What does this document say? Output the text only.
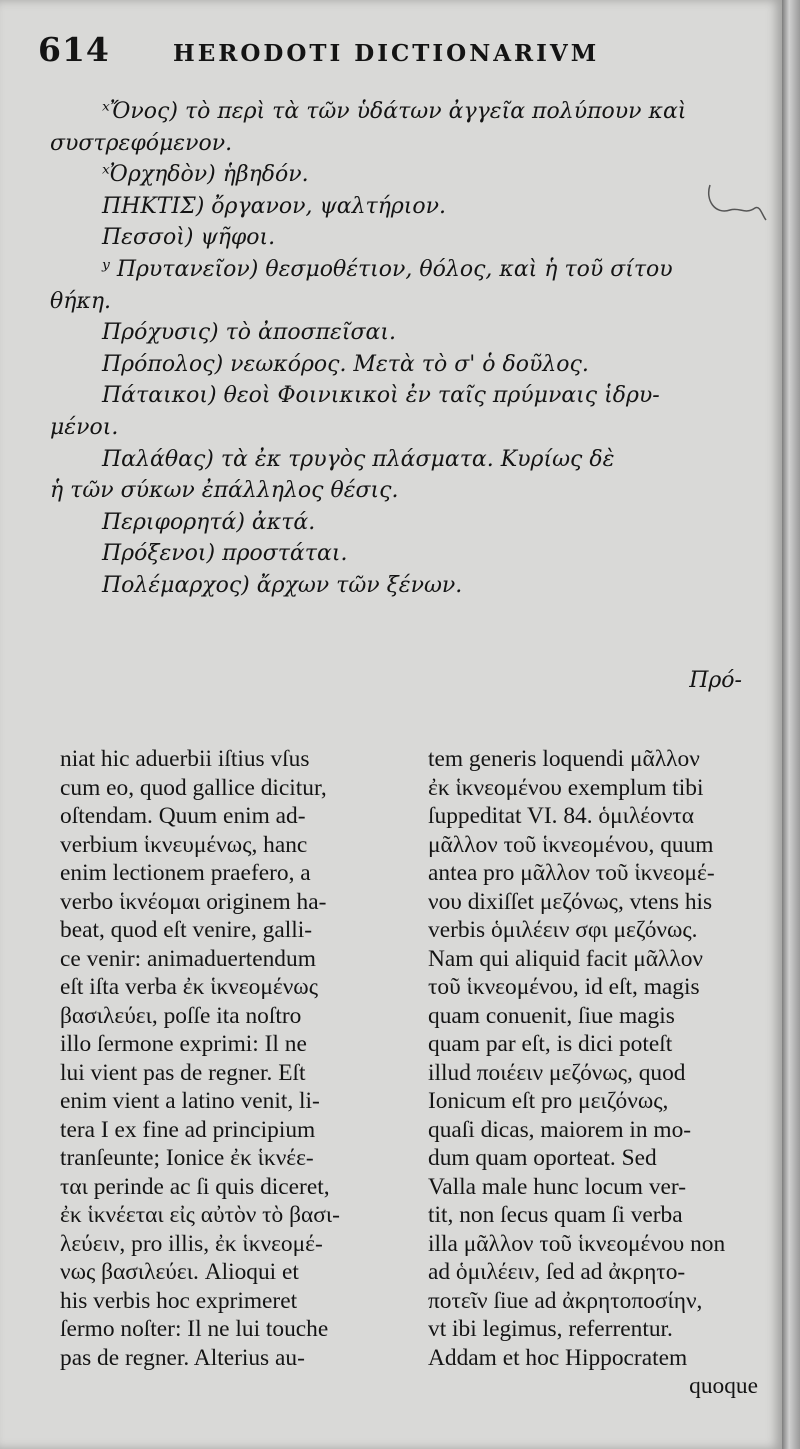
614	HERODOTI DICTIONARIVM

ˣὌνος) τὸ περὶ τὰ τῶν ὑδάτων ἀγγεῖα πολύπουν καὶ

συστρεφόμενον.

ˣὈρχηδὸν) ἡβηδόν.

ΠΗΚΤΙΣ) ὄργανον, ψαλτήριον.

Πεσσοὶ) ψῆφοι.

ʸ Πρυτανεῖον) θεσμοθέτιον, θόλος, καὶ ἡ τοῦ σίτου

θήκη.

Πρόχυσις) τὸ ἀποσπεῖσαι.

Πρόπολος) νεωκόρος. Μετὰ τὸ σ' ὁ δοῦλος.

Πάταικοι) θεοὶ Φοινικικοὶ ἐν ταῖς πρύμναις ἱδρυ-

μένοι.

Παλάθας) τὰ ἐκ τρυγὸς πλάσματα. Κυρίως δὲ

ἡ τῶν σύκων ἐπάλληλος θέσις.

Περιφορητά) ἀκτά.

Πρόξενοι) προστάται.

Πολέμαρχος) ἄρχων τῶν ξένων.

Πρό-

niat hic aduerbii iſtius vſus

cum eo, quod gallice dicitur,

oſtendam. Quum enim ad-

verbium ἱκνευμένως, hanc

enim lectionem praefero, a

verbo ἱκνέομαι originem ha-

beat, quod eſt venire, galli-

ce venir: animaduertendum

eſt iſta verba ἐκ ἱκνεομένως

βασιλεύει, poſſe ita noſtro

illo ſermone exprimi: Il ne

lui vient pas de regner. Eſt

enim vient a latino venit, li-

tera I ex fine ad principium

tranſeunte; Ionice ἐκ ἱκνέε-

ται perinde ac ſi quis diceret,

ἐκ ἱκνέεται εἰς αὐτὸν τὸ βασι-

λεύειν, pro illis, ἐκ ἱκνεομέ-

νως βασιλεύει. Alioqui et

his verbis hoc exprimeret

ſermo noſter: Il ne lui touche

pas de regner. Alterius au-

tem generis loquendi μᾶλλον

ἐκ ἱκνεομένου exemplum tibi

ſuppeditat VI. 84. ὁμιλέοντα

μᾶλλον τοῦ ἱκνεομένου, quum

antea pro μᾶλλον τοῦ ἱκνεομέ-

νου dixiſſet μεζόνως, vtens his

verbis ὁμιλέειν σφι μεζόνως.

Nam qui aliquid facit μᾶλλον

τοῦ ἱκνεομένου, id eſt, magis

quam conuenit, ſiue magis

quam par eſt, is dici poteſt

illud ποιέειν μεζόνως, quod

Ionicum eſt pro μειζόνως,

quaſi dicas, maiorem in mo-

dum quam oporteat. Sed

Valla male hunc locum ver-

tit, non ſecus quam ſi verba

illa μᾶλλον τοῦ ἱκνεομένου non

ad ὁμιλέειν, ſed ad ἀκρητο-

ποτεῖν ſiue ad ἀκρητοποσίην,

vt ibi legimus, referrentur.

Addam et hoc Hippocratem

quoque
